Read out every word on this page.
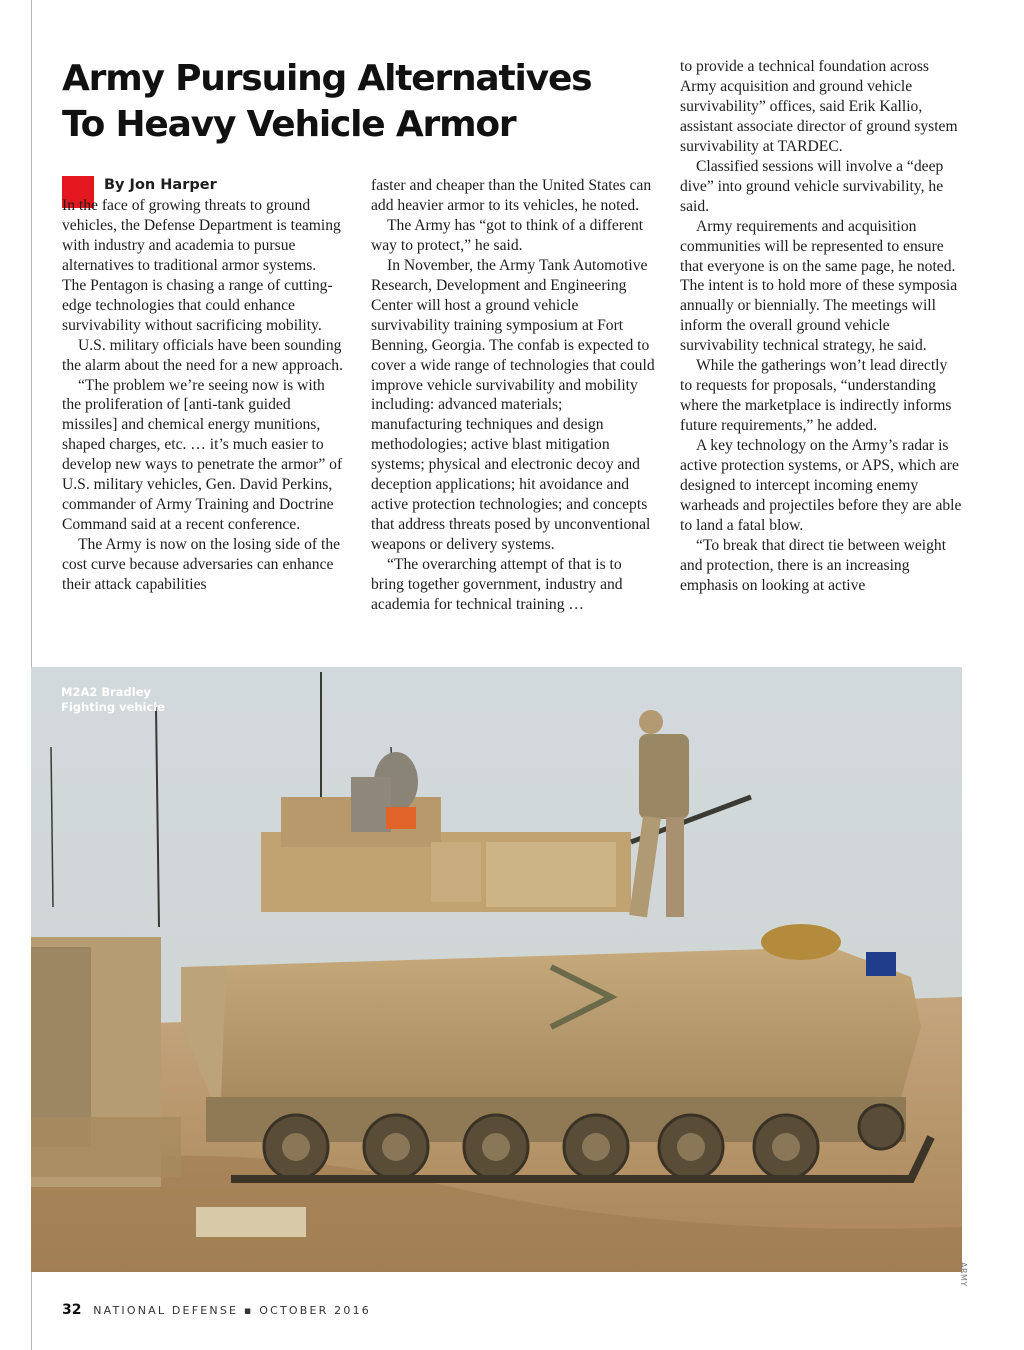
Army Pursuing Alternatives
To Heavy Vehicle Armor
By Jon Harper

In the face of growing threats to ground vehicles, the Defense Department is teaming with industry and academia to pursue alternatives to traditional armor systems. The Pentagon is chasing a range of cutting-edge technologies that could enhance survivability without sacrificing mobility.

U.S. military officials have been sounding the alarm about the need for a new approach.

“The problem we’re seeing now is with the proliferation of [anti-tank guided missiles] and chemical energy munitions, shaped charges, etc. … it’s much easier to develop new ways to penetrate the armor” of U.S. military vehicles, Gen. David Perkins, commander of Army Training and Doctrine Command said at a recent conference.

The Army is now on the losing side of the cost curve because adversaries can enhance their attack capabilities

faster and cheaper than the United States can add heavier armor to its vehicles, he noted.

The Army has “got to think of a different way to protect,” he said.

In November, the Army Tank Automotive Research, Development and Engineering Center will host a ground vehicle survivability training symposium at Fort Benning, Georgia. The confab is expected to cover a wide range of technologies that could improve vehicle survivability and mobility including: advanced materials; manufacturing techniques and design methodologies; active blast mitigation systems; physical and electronic decoy and deception applications; hit avoidance and active protection technologies; and concepts that address threats posed by unconventional weapons or delivery systems.

“The overarching attempt of that is to bring together government, industry and academia for technical training …

to provide a technical foundation across Army acquisition and ground vehicle survivability” offices, said Erik Kallio, assistant associate director of ground system survivability at TARDEC.

Classified sessions will involve a “deep dive” into ground vehicle survivability, he said.

Army requirements and acquisition communities will be represented to ensure that everyone is on the same page, he noted. The intent is to hold more of these symposia annually or biennially. The meetings will inform the overall ground vehicle survivability technical strategy, he said.

While the gatherings won’t lead directly to requests for proposals, “understanding where the marketplace is indirectly informs future requirements,” he added.

A key technology on the Army’s radar is active protection systems, or APS, which are designed to intercept incoming enemy warheads and projectiles before they are able to land a fatal blow.

“To break that direct tie between weight and protection, there is an increasing emphasis on looking at active

M2A2 Bradley
Fighting vehicle

ARMY
32 NATIONAL DEFENSE ▪ OCTOBER 2016
